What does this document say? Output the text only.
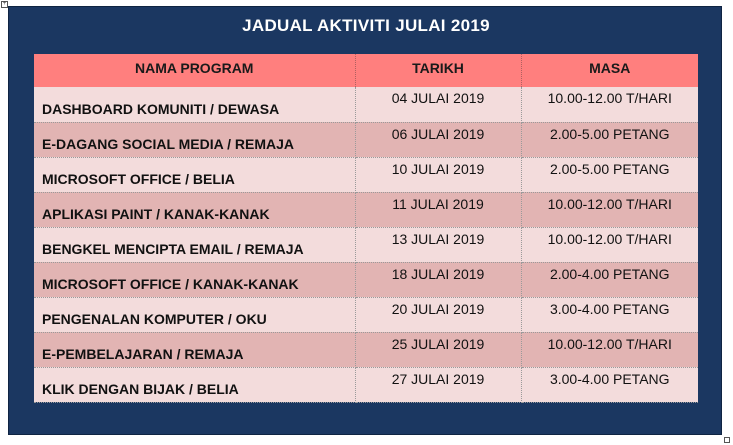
+
JADUAL AKTIVITI JULAI 2019
NAMA PROGRAM	TARIKH	MASA
DASHBOARD KOMUNITI / DEWASA	04 JULAI 2019	10.00-12.00 T/HARI
E-DAGANG SOCIAL MEDIA / REMAJA	06 JULAI 2019	2.00-5.00 PETANG
MICROSOFT OFFICE / BELIA	10 JULAI 2019	2.00-5.00 PETANG
APLIKASI PAINT / KANAK-KANAK	11 JULAI 2019	10.00-12.00 T/HARI
BENGKEL MENCIPTA EMAIL / REMAJA	13 JULAI 2019	10.00-12.00 T/HARI
MICROSOFT OFFICE / KANAK-KANAK	18 JULAI 2019	2.00-4.00 PETANG
PENGENALAN KOMPUTER / OKU	20 JULAI 2019	3.00-4.00 PETANG
E-PEMBELAJARAN / REMAJA	25 JULAI 2019	10.00-12.00 T/HARI
KLIK DENGAN BIJAK / BELIA	27 JULAI 2019	3.00-4.00 PETANG
